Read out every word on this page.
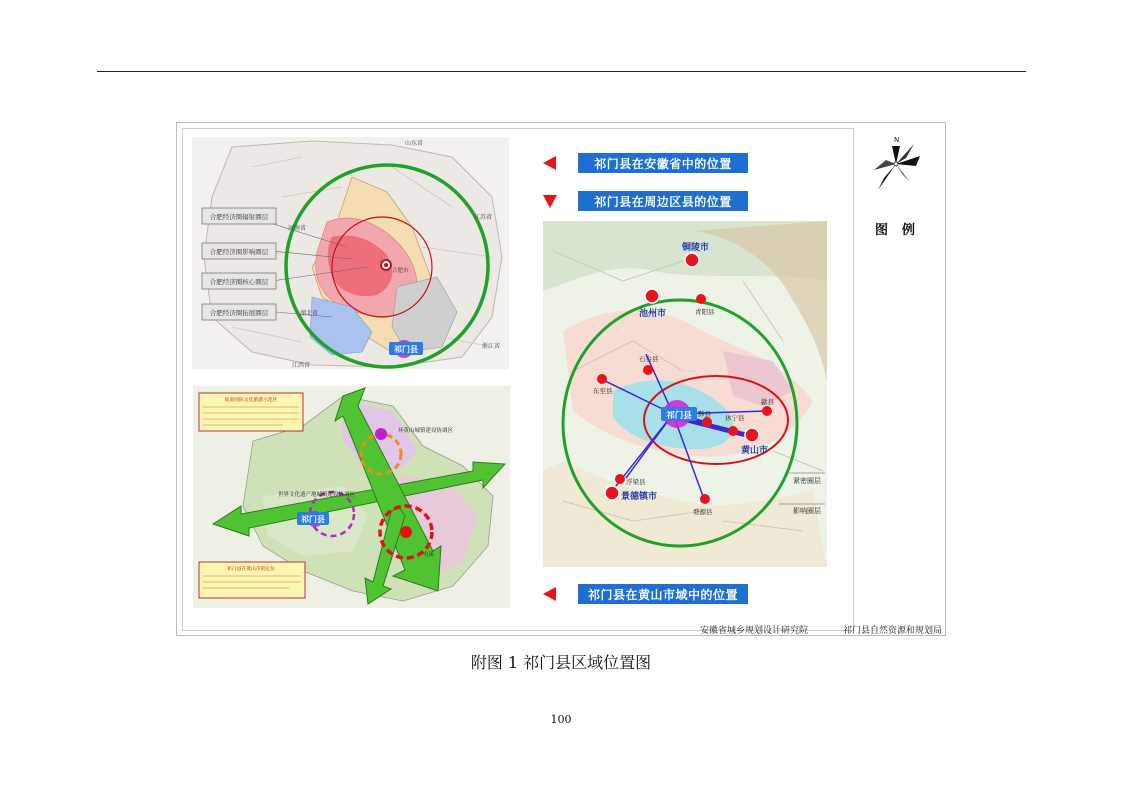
合肥经济圈辐射圈层
合肥经济圈影响圈层
合肥经济圈核心圈层
合肥经济圈拓展圈层
山东省
河南省
江苏省
湖北省
浙江省
江西省
合肥市
祁门县
皖南国际文化旅游示范区
祁门县在黄山市的定位
祁门县
环黄山城镇建设协调区
世界文化遗产地城镇建设协调区
屯溪
铜陵市
池州市	青阳县
石台县
东至县
黟县 休宁县
歙县
黄山市
浮梁县
景德镇市
婺源县
祁门县
紧密圈层
影响圈层
祁门县在安徽省中的位置
祁门县在周边区县的位置
祁门县在黄山市域中的位置
N
图例
安徽省城乡规划设计研究院	祁门县自然资源和规划局
附图 1 祁门县区域位置图
100
